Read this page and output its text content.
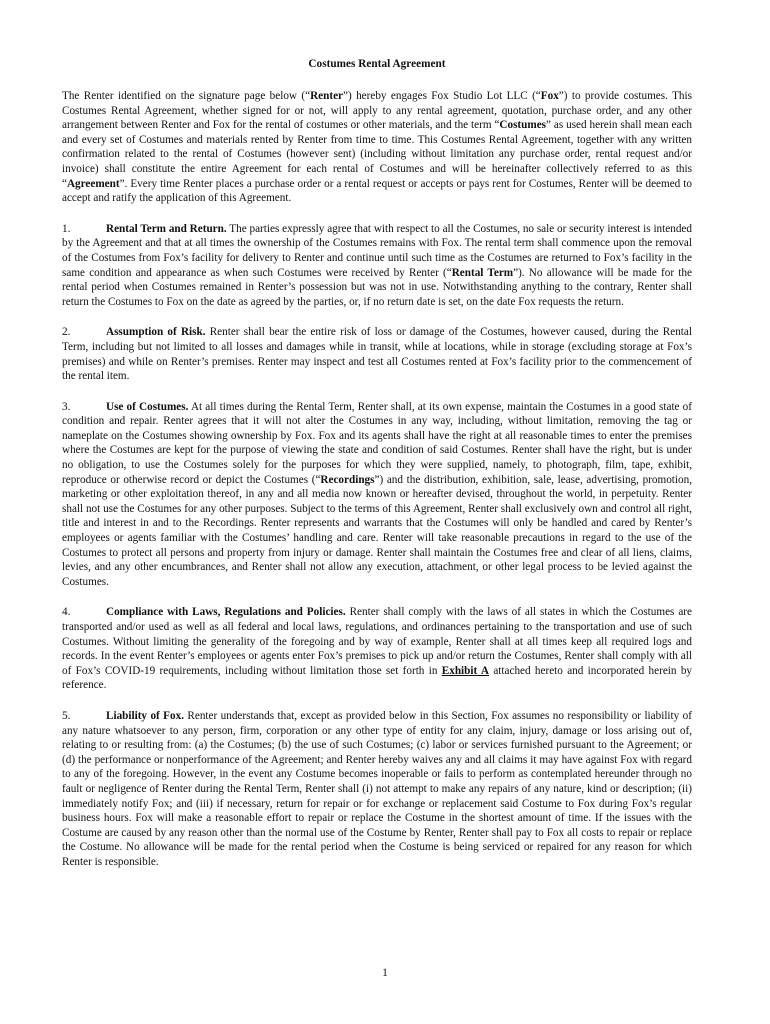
Costumes Rental Agreement

The Renter identified on the signature page below (“Renter”) hereby engages Fox Studio Lot LLC (“Fox”) to provide costumes. This Costumes Rental Agreement, whether signed for or not, will apply to any rental agreement, quotation, purchase order, and any other arrangement between Renter and Fox for the rental of costumes or other materials, and the term “Costumes” as used herein shall mean each and every set of Costumes and materials rented by Renter from time to time. This Costumes Rental Agreement, together with any written confirmation related to the rental of Costumes (however sent) (including without limitation any purchase order, rental request and/or invoice) shall constitute the entire Agreement for each rental of Costumes and will be hereinafter collectively referred to as this “Agreement”. Every time Renter places a purchase order or a rental request or accepts or pays rent for Costumes, Renter will be deemed to accept and ratify the application of this Agreement.

1.	Rental Term and Return. The parties expressly agree that with respect to all the Costumes, no sale or security interest is intended by the Agreement and that at all times the ownership of the Costumes remains with Fox. The rental term shall commence upon the removal of the Costumes from Fox’s facility for delivery to Renter and continue until such time as the Costumes are returned to Fox’s facility in the same condition and appearance as when such Costumes were received by Renter (“Rental Term”). No allowance will be made for the rental period when Costumes remained in Renter’s possession but was not in use. Notwithstanding anything to the contrary, Renter shall return the Costumes to Fox on the date as agreed by the parties, or, if no return date is set, on the date Fox requests the return.

2.	Assumption of Risk. Renter shall bear the entire risk of loss or damage of the Costumes, however caused, during the Rental Term, including but not limited to all losses and damages while in transit, while at locations, while in storage (excluding storage at Fox’s premises) and while on Renter’s premises. Renter may inspect and test all Costumes rented at Fox’s facility prior to the commencement of the rental item.

3.	Use of Costumes. At all times during the Rental Term, Renter shall, at its own expense, maintain the Costumes in a good state of condition and repair. Renter agrees that it will not alter the Costumes in any way, including, without limitation, removing the tag or nameplate on the Costumes showing ownership by Fox. Fox and its agents shall have the right at all reasonable times to enter the premises where the Costumes are kept for the purpose of viewing the state and condition of said Costumes. Renter shall have the right, but is under no obligation, to use the Costumes solely for the purposes for which they were supplied, namely, to photograph, film, tape, exhibit, reproduce or otherwise record or depict the Costumes (“Recordings”) and the distribution, exhibition, sale, lease, advertising, promotion, marketing or other exploitation thereof, in any and all media now known or hereafter devised, throughout the world, in perpetuity. Renter shall not use the Costumes for any other purposes. Subject to the terms of this Agreement, Renter shall exclusively own and control all right, title and interest in and to the Recordings. Renter represents and warrants that the Costumes will only be handled and cared by Renter’s employees or agents familiar with the Costumes’ handling and care. Renter will take reasonable precautions in regard to the use of the Costumes to protect all persons and property from injury or damage. Renter shall maintain the Costumes free and clear of all liens, claims, levies, and any other encumbrances, and Renter shall not allow any execution, attachment, or other legal process to be levied against the Costumes.

4.	Compliance with Laws, Regulations and Policies. Renter shall comply with the laws of all states in which the Costumes are transported and/or used as well as all federal and local laws, regulations, and ordinances pertaining to the transportation and use of such Costumes. Without limiting the generality of the foregoing and by way of example, Renter shall at all times keep all required logs and records. In the event Renter’s employees or agents enter Fox’s premises to pick up and/or return the Costumes, Renter shall comply with all of Fox’s COVID-19 requirements, including without limitation those set forth in Exhibit A attached hereto and incorporated herein by reference.

5.	Liability of Fox. Renter understands that, except as provided below in this Section, Fox assumes no responsibility or liability of any nature whatsoever to any person, firm, corporation or any other type of entity for any claim, injury, damage or loss arising out of, relating to or resulting from: (a) the Costumes; (b) the use of such Costumes; (c) labor or services furnished pursuant to the Agreement; or (d) the performance or nonperformance of the Agreement; and Renter hereby waives any and all claims it may have against Fox with regard to any of the foregoing. However, in the event any Costume becomes inoperable or fails to perform as contemplated hereunder through no fault or negligence of Renter during the Rental Term, Renter shall (i) not attempt to make any repairs of any nature, kind or description; (ii) immediately notify Fox; and (iii) if necessary, return for repair or for exchange or replacement said Costume to Fox during Fox’s regular business hours. Fox will make a reasonable effort to repair or replace the Costume in the shortest amount of time. If the issues with the Costume are caused by any reason other than the normal use of the Costume by Renter, Renter shall pay to Fox all costs to repair or replace the Costume. No allowance will be made for the rental period when the Costume is being serviced or repaired for any reason for which Renter is responsible.

1
